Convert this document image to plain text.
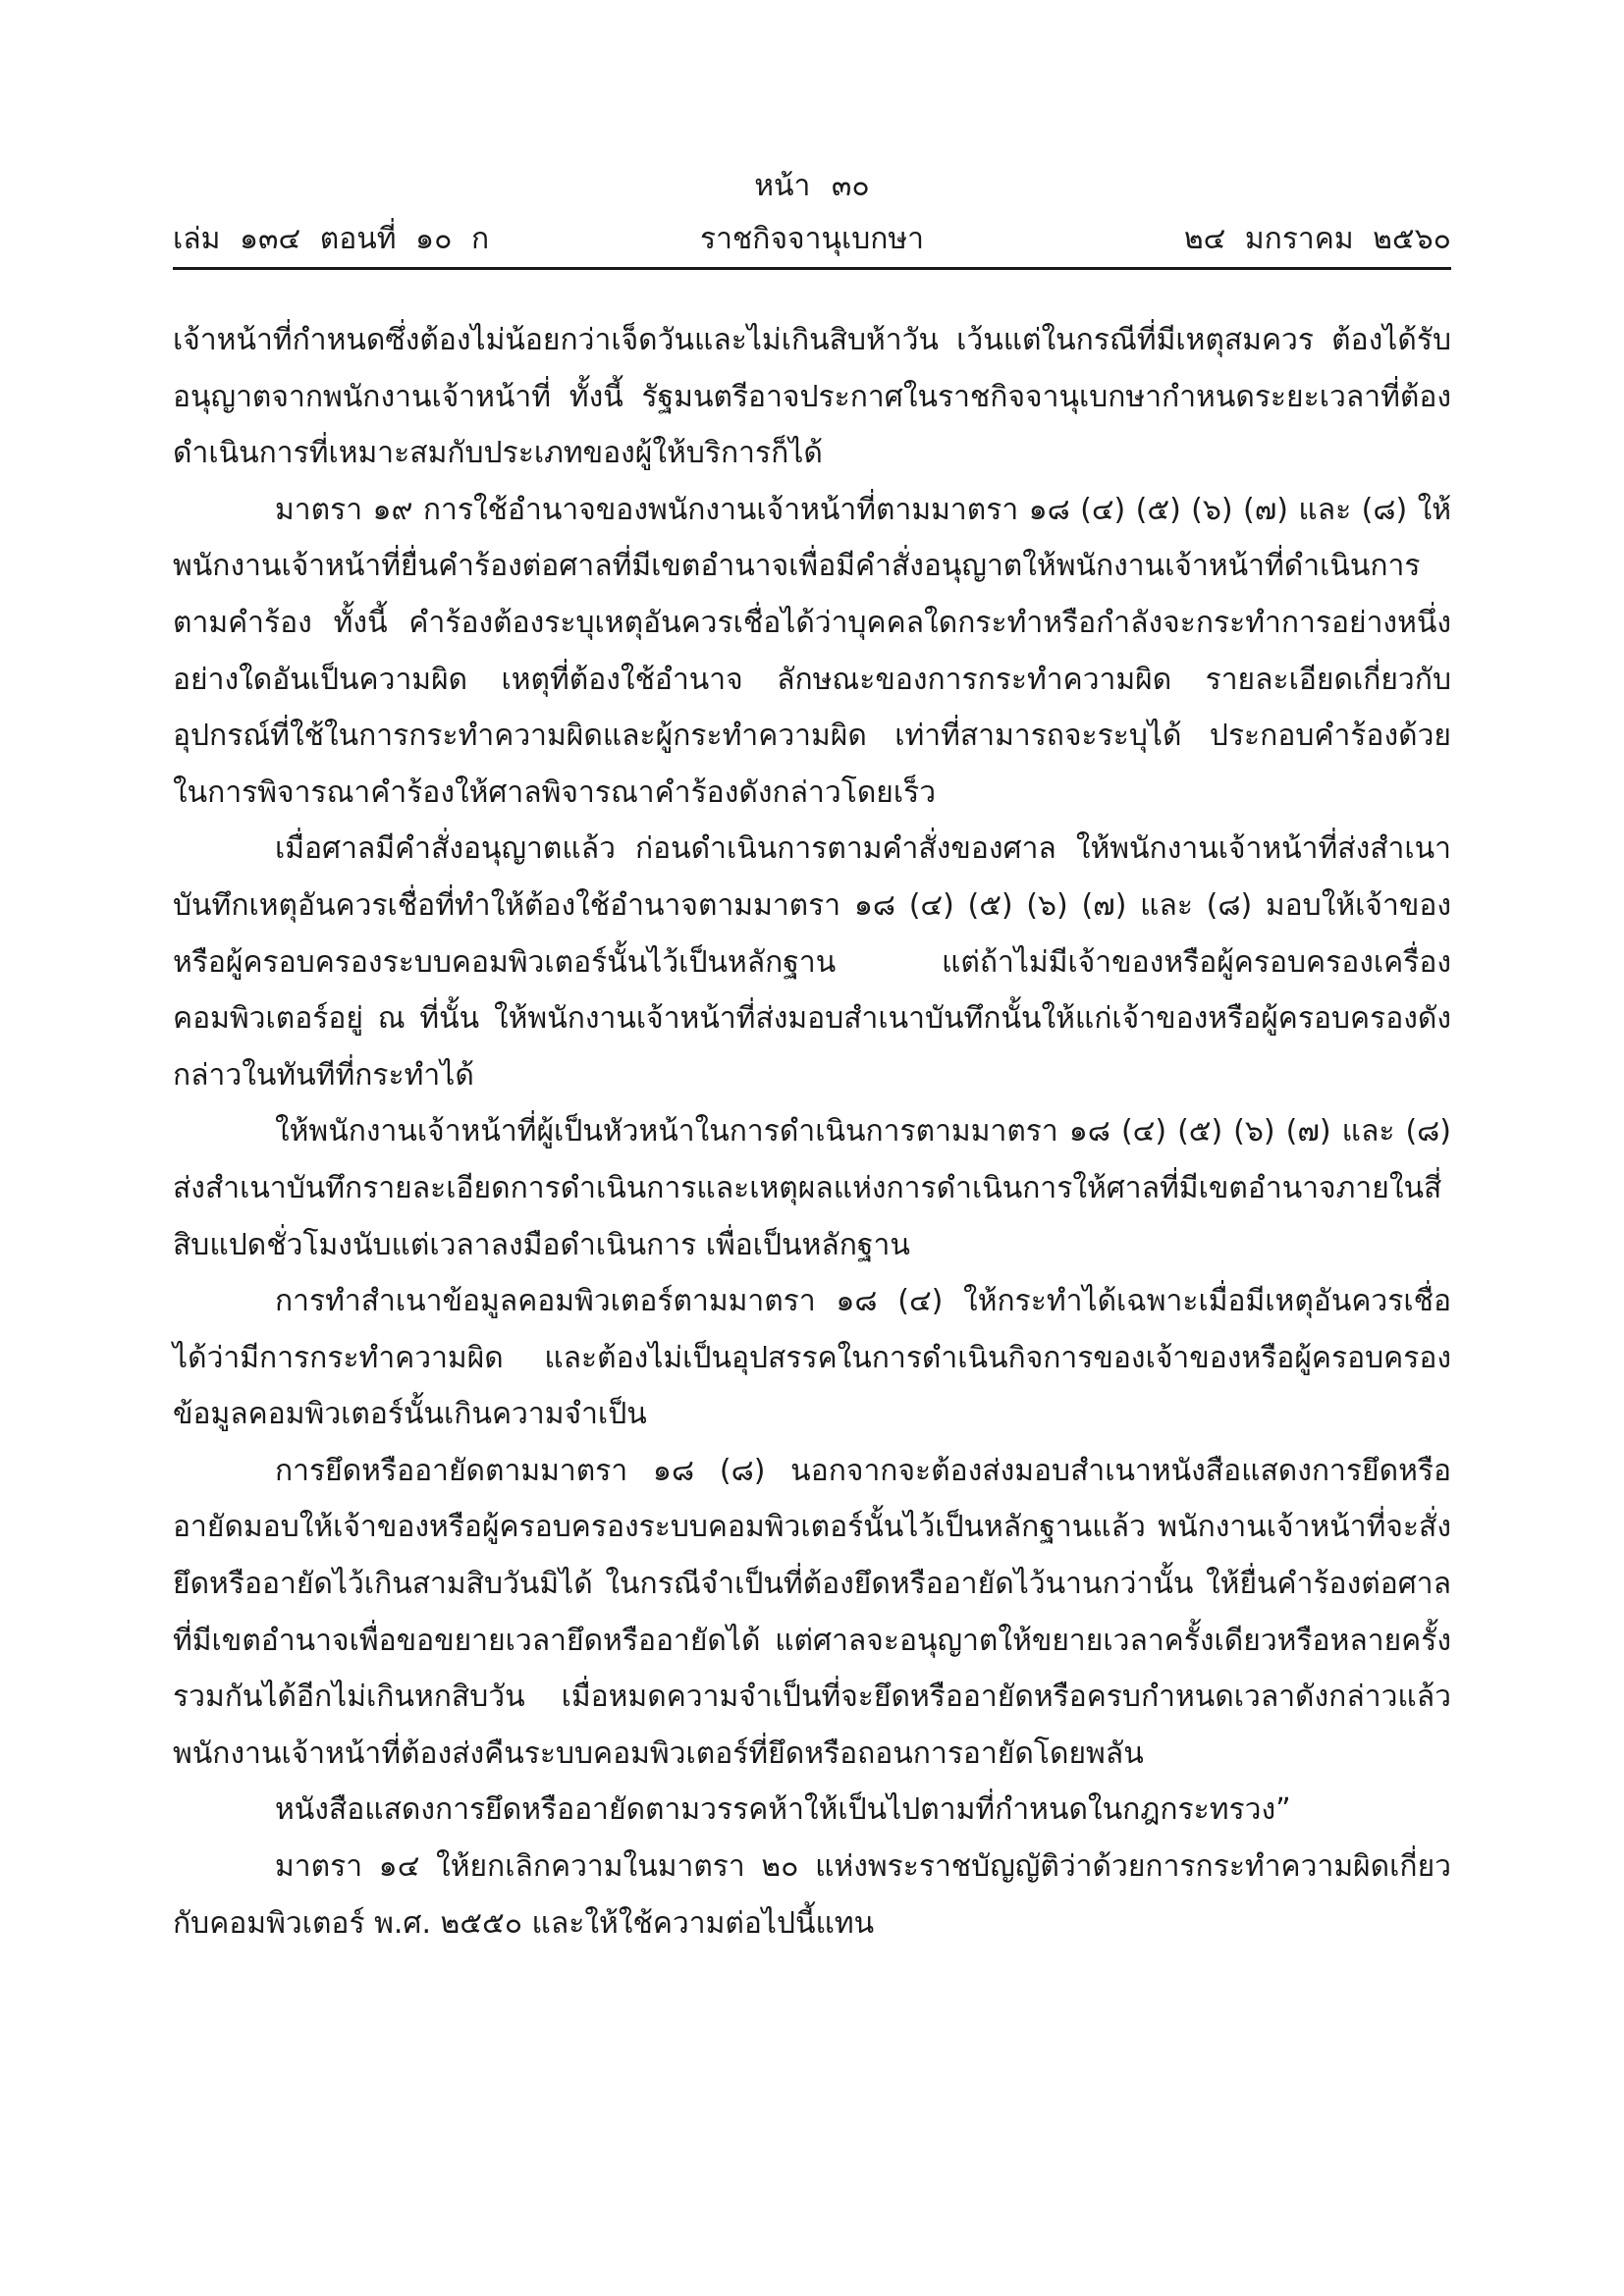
หน้า ๓๐
เล่ม ๑๓๔ ตอนที่ ๑๐ ก	ราชกิจจานุเบกษา	๒๔ มกราคม ๒๕๖๐

เจ้าหน้าที่กำหนดซึ่งต้องไม่น้อยกว่าเจ็ดวันและไม่เกินสิบห้าวัน เว้นแต่ในกรณีที่มีเหตุสมควร ต้องได้รับอนุญาตจากพนักงานเจ้าหน้าที่ ทั้งนี้ รัฐมนตรีอาจประกาศในราชกิจจานุเบกษากำหนดระยะเวลาที่ต้องดำเนินการที่เหมาะสมกับประเภทของผู้ให้บริการก็ได้

มาตรา ๑๙ การใช้อำนาจของพนักงานเจ้าหน้าที่ตามมาตรา ๑๘ (๔) (๕) (๖) (๗) และ (๘) ให้พนักงานเจ้าหน้าที่ยื่นคำร้องต่อศาลที่มีเขตอำนาจเพื่อมีคำสั่งอนุญาตให้พนักงานเจ้าหน้าที่ดำเนินการตามคำร้อง ทั้งนี้ คำร้องต้องระบุเหตุอันควรเชื่อได้ว่าบุคคลใดกระทำหรือกำลังจะกระทำการอย่างหนึ่งอย่างใดอันเป็นความผิด เหตุที่ต้องใช้อำนาจ ลักษณะของการกระทำความผิด รายละเอียดเกี่ยวกับอุปกรณ์ที่ใช้ในการกระทำความผิดและผู้กระทำความผิด เท่าที่สามารถจะระบุได้ ประกอบคำร้องด้วย ในการพิจารณาคำร้องให้ศาลพิจารณาคำร้องดังกล่าวโดยเร็ว

เมื่อศาลมีคำสั่งอนุญาตแล้ว ก่อนดำเนินการตามคำสั่งของศาล ให้พนักงานเจ้าหน้าที่ส่งสำเนาบันทึกเหตุอันควรเชื่อที่ทำให้ต้องใช้อำนาจตามมาตรา ๑๘ (๔) (๕) (๖) (๗) และ (๘) มอบให้เจ้าของหรือผู้ครอบครองระบบคอมพิวเตอร์นั้นไว้เป็นหลักฐาน แต่ถ้าไม่มีเจ้าของหรือผู้ครอบครองเครื่องคอมพิวเตอร์อยู่ ณ ที่นั้น ให้พนักงานเจ้าหน้าที่ส่งมอบสำเนาบันทึกนั้นให้แก่เจ้าของหรือผู้ครอบครองดังกล่าวในทันทีที่กระทำได้

ให้พนักงานเจ้าหน้าที่ผู้เป็นหัวหน้าในการดำเนินการตามมาตรา ๑๘ (๔) (๕) (๖) (๗) และ (๘) ส่งสำเนาบันทึกรายละเอียดการดำเนินการและเหตุผลแห่งการดำเนินการให้ศาลที่มีเขตอำนาจภายในสี่สิบแปดชั่วโมงนับแต่เวลาลงมือดำเนินการ เพื่อเป็นหลักฐาน

การทำสำเนาข้อมูลคอมพิวเตอร์ตามมาตรา ๑๘ (๔) ให้กระทำได้เฉพาะเมื่อมีเหตุอันควรเชื่อได้ว่ามีการกระทำความผิด และต้องไม่เป็นอุปสรรคในการดำเนินกิจการของเจ้าของหรือผู้ครอบครองข้อมูลคอมพิวเตอร์นั้นเกินความจำเป็น

การยึดหรืออายัดตามมาตรา ๑๘ (๘) นอกจากจะต้องส่งมอบสำเนาหนังสือแสดงการยึดหรืออายัดมอบให้เจ้าของหรือผู้ครอบครองระบบคอมพิวเตอร์นั้นไว้เป็นหลักฐานแล้ว พนักงานเจ้าหน้าที่จะสั่งยึดหรืออายัดไว้เกินสามสิบวันมิได้ ในกรณีจำเป็นที่ต้องยึดหรืออายัดไว้นานกว่านั้น ให้ยื่นคำร้องต่อศาลที่มีเขตอำนาจเพื่อขอขยายเวลายึดหรืออายัดได้ แต่ศาลจะอนุญาตให้ขยายเวลาครั้งเดียวหรือหลายครั้งรวมกันได้อีกไม่เกินหกสิบวัน เมื่อหมดความจำเป็นที่จะยึดหรืออายัดหรือครบกำหนดเวลาดังกล่าวแล้ว พนักงานเจ้าหน้าที่ต้องส่งคืนระบบคอมพิวเตอร์ที่ยึดหรือถอนการอายัดโดยพลัน

หนังสือแสดงการยึดหรืออายัดตามวรรคห้าให้เป็นไปตามที่กำหนดในกฎกระทรวง”

มาตรา ๑๔ ให้ยกเลิกความในมาตรา ๒๐ แห่งพระราชบัญญัติว่าด้วยการกระทำความผิดเกี่ยวกับคอมพิวเตอร์ พ.ศ. ๒๕๕๐ และให้ใช้ความต่อไปนี้แทน
